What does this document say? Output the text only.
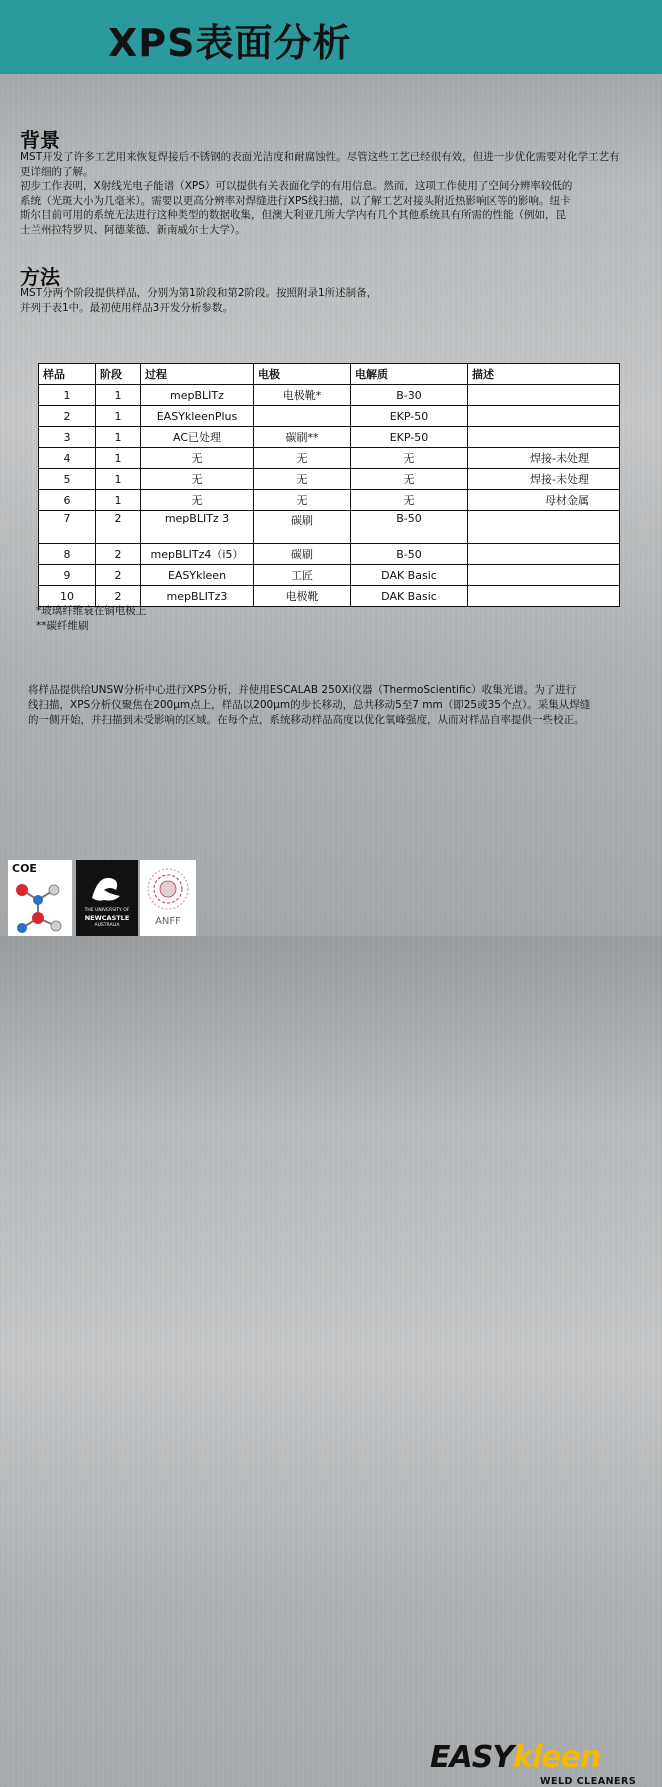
XPS表面分析
背景
MST开发了许多工艺用来恢复焊接后不锈钢的表面光洁度和耐腐蚀性。尽管这些工艺已经很有效，但进一步优化需要对化学工艺有
更详细的了解。
初步工作表明，X射线光电子能谱（XPS）可以提供有关表面化学的有用信息。然而，这项工作使用了空间分辨率较低的
系统（光斑大小为几毫米）。需要以更高分辨率对焊缝进行XPS线扫描，以了解工艺对接头附近热影响区等的影响。纽卡
斯尔目前可用的系统无法进行这种类型的数据收集，但澳大利亚几所大学内有几个其他系统具有所需的性能（例如，昆
士兰州拉特罗贝、阿德莱德、新南威尔士大学）。
方法
MST分两个阶段提供样品，分别为第1阶段和第2阶段。按照附录1所述制备，
并列于表1中。最初使用样品3开发分析参数。
样品	阶段	过程	电极	电解质	描述
1	1	mepBLITz	电极靴*	B-30	
2	1	EASYkleenPlus		EKP-50	
3	1	AC已处理	碳刷**	EKP-50	
4	1	无	无	无	焊接-未处理
5	1	无	无	无	焊接-未处理
6	1	无	无	无	母材金属
7	2	mepBLITz 3	碳刷	B-50	
8	2	mepBLITz4（i5）	碳刷	B-50	
9	2	EASYkleen	工匠	DAK Basic	
10	2	mepBLITz3	电极靴	DAK Basic	
*玻璃纤维衰在铜电极上
**碳纤维刷
将样品提供给UNSW分析中心进行XPS分析，并使用ESCALAB 250Xi仪器（ThermoScientific）收集光谱。为了进行
线扫描，XPS分析仪聚焦在200μm点上，样品以200μm的步长移动，总共移动5至7 mm（即25或35个点）。采集从焊缝
的一侧开始，并扫描到未受影响的区域。在每个点，系统移动样品高度以优化氧峰强度，从而对样品自率提供一些校正。
COE
THE UNIVERSITY OF
NEWCASTLE
AUSTRALIA	ANFF
EASYkleen
WELD CLEANERS
